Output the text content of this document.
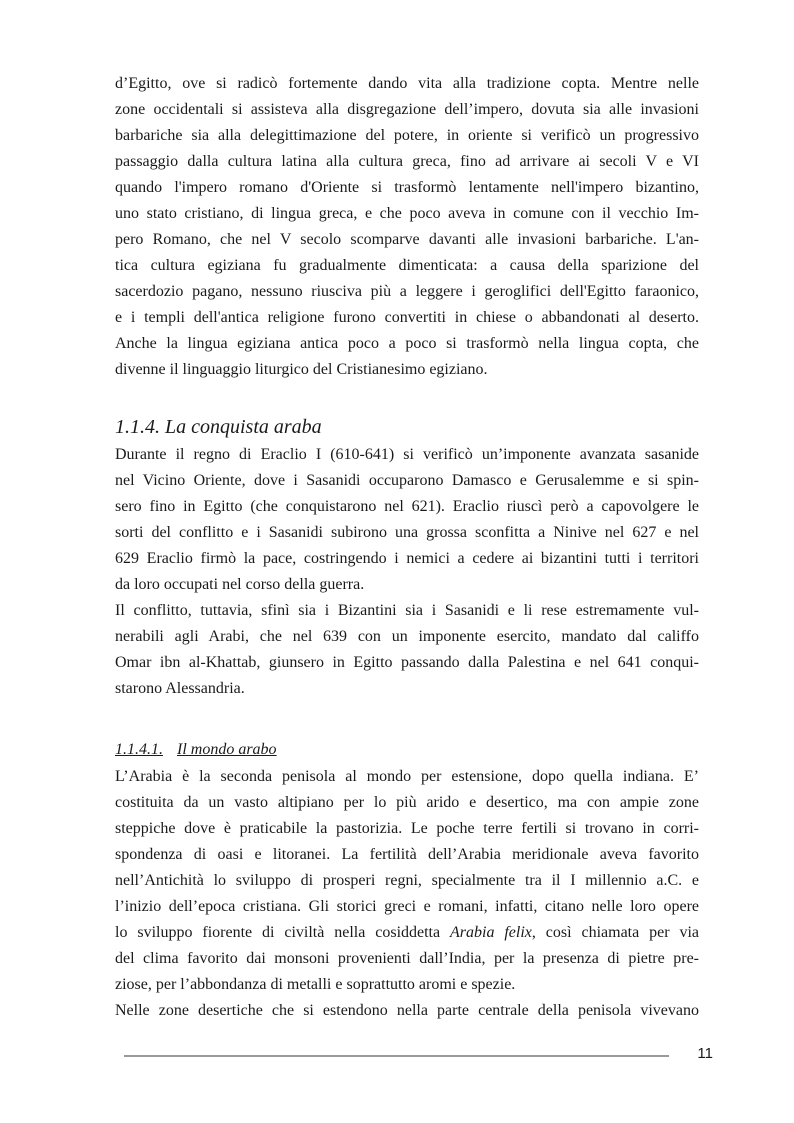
d’Egitto, ove si radicò fortemente dando vita alla tradizione copta. Mentre nelle
zone occidentali si assisteva alla disgregazione dell’impero, dovuta sia alle invasioni
barbariche sia alla delegittimazione del potere, in oriente si verificò un progressivo
passaggio dalla cultura latina alla cultura greca, fino ad arrivare ai secoli V e VI
quando l'impero romano d'Oriente si trasformò lentamente nell'impero bizantino,
uno stato cristiano, di lingua greca, e che poco aveva in comune con il vecchio Im-
pero Romano, che nel V secolo scomparve davanti alle invasioni barbariche. L'an-
tica cultura egiziana fu gradualmente dimenticata: a causa della sparizione del
sacerdozio pagano, nessuno riusciva più a leggere i geroglifici dell'Egitto faraonico,
e i templi dell'antica religione furono convertiti in chiese o abbandonati al deserto.
Anche la lingua egiziana antica poco a poco si trasformò nella lingua copta, che
divenne il linguaggio liturgico del Cristianesimo egiziano.
1.1.4. La conquista araba
Durante il regno di Eraclio I (610-641) si verificò un’imponente avanzata sasanide
nel Vicino Oriente, dove i Sasanidi occuparono Damasco e Gerusalemme e si spin-
sero fino in Egitto (che conquistarono nel 621). Eraclio riuscì però a capovolgere le
sorti del conflitto e i Sasanidi subirono una grossa sconfitta a Ninive nel 627 e nel
629 Eraclio firmò la pace, costringendo i nemici a cedere ai bizantini tutti i territori
da loro occupati nel corso della guerra.
Il conflitto, tuttavia, sfinì sia i Bizantini sia i Sasanidi e li rese estremamente vul-
nerabili agli Arabi, che nel 639 con un imponente esercito, mandato dal califfo
Omar ibn al-Khattab, giunsero in Egitto passando dalla Palestina e nel 641 conqui-
starono Alessandria.
1.1.4.1. Il mondo arabo
L’Arabia è la seconda penisola al mondo per estensione, dopo quella indiana. E’
costituita da un vasto altipiano per lo più arido e desertico, ma con ampie zone
steppiche dove è praticabile la pastorizia. Le poche terre fertili si trovano in corri-
spondenza di oasi e litoranei. La fertilità dell’Arabia meridionale aveva favorito
nell’Antichità lo sviluppo di prosperi regni, specialmente tra il I millennio a.C. e
l’inizio dell’epoca cristiana. Gli storici greci e romani, infatti, citano nelle loro opere
lo sviluppo fiorente di civiltà nella cosiddetta Arabia felix, così chiamata per via
del clima favorito dai monsoni provenienti dall’India, per la presenza di pietre pre-
ziose, per l’abbondanza di metalli e soprattutto aromi e spezie.
Nelle zone desertiche che si estendono nella parte centrale della penisola vivevano
11
